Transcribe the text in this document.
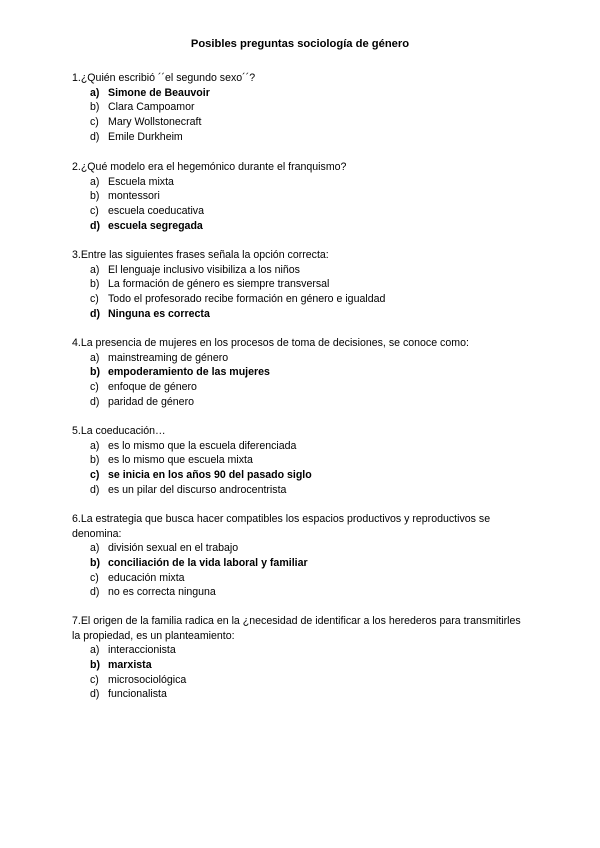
Posibles preguntas sociología de género

1.¿Quién escribió ´´el segundo sexo´´?

a) Simone de Beauvoir
b) Clara Campoamor
c) Mary Wollstonecraft
d) Emile Durkheim

2.¿Qué modelo era el hegemónico durante el franquismo?

a) Escuela mixta
b) montessori
c) escuela coeducativa
d) escuela segregada

3.Entre las siguientes frases señala la opción correcta:

a) El lenguaje inclusivo visibiliza a los niños
b) La formación de género es siempre transversal
c) Todo el profesorado recibe formación en género e igualdad
d) Ninguna es correcta

4.La presencia de mujeres en los procesos de toma de decisiones, se conoce como:

a) mainstreaming de género
b) empoderamiento de las mujeres
c) enfoque de género
d) paridad de género

5.La coeducación…

a) es lo mismo que la escuela diferenciada
b) es lo mismo que escuela mixta
c) se inicia en los años 90 del pasado siglo
d) es un pilar del discurso androcentrista

6.La estrategia que busca hacer compatibles los espacios productivos y reproductivos se denomina:

a) división sexual en el trabajo
b) conciliación de la vida laboral y familiar
c) educación mixta
d) no es correcta ninguna

7.El origen de la familia radica en la ¿necesidad de identificar a los herederos para transmitirles la propiedad, es un planteamiento:

a) interaccionista
b) marxista
c) microsociológica
d) funcionalista
